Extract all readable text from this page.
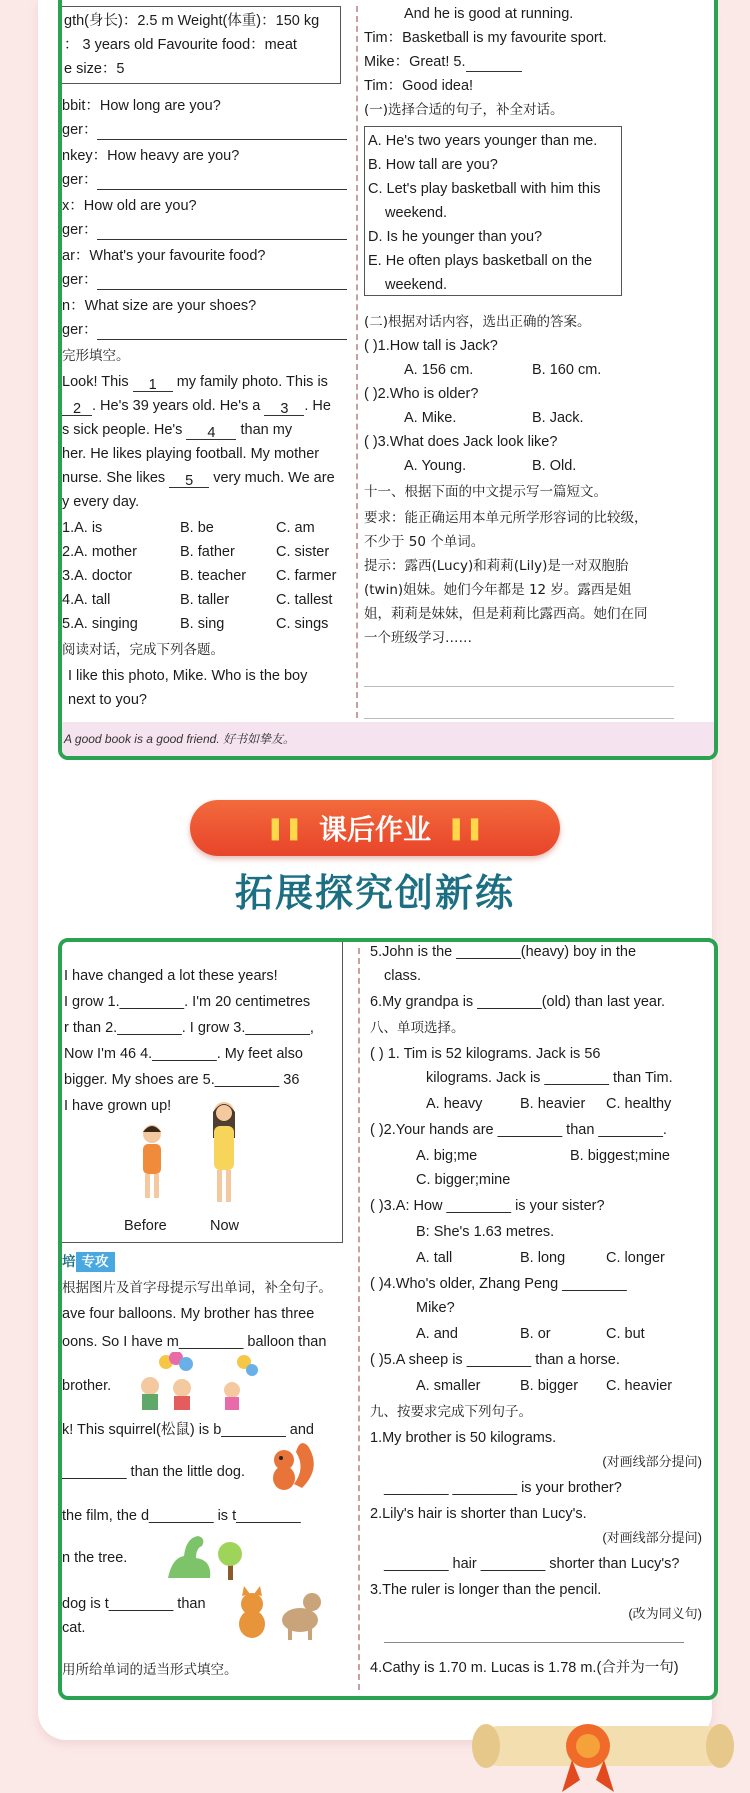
gth(身长)：2.5 m Weight(体重)：150 kg
： 3 years old Favourite food：meat
e size：5
bbit：How long are you?
ger：
nkey：How heavy are you?
ger：
x：How old are you?
ger：
ar：What's your favourite food?
ger：
n：What size are your shoes?
ger：
完形填空。
Look! This 1 my family photo. This is
2 . He's 39 years old. He's a 3 . He
s sick people. He's 4 than my
her. He likes playing football. My mother
nurse. She likes 5 very much. We are
y every day.
1.A. is	B. be	C. am
2.A. mother	B. father	C. sister
3.A. doctor	B. teacher C. farmer
4.A. tall	B. taller	C. tallest
5.A. singing	B. sing	C. sings
阅读对话，完成下列各题。
I like this photo, Mike. Who is the boy
next to you?
And he is good at running.
Tim：Basketball is my favourite sport.
Mike：Great! 5.
Tim：Good idea!
(一)选择合适的句子，补全对话。
A. He's two years younger than me.
B. How tall are you?
C. Let's play basketball with him this
weekend.
D. Is he younger than you?
E. He often plays basketball on the
weekend.
(二)根据对话内容，选出正确的答案。
( )1.How tall is Jack?
A. 156 cm.	B. 160 cm.
( )2.Who is older?
A. Mike.	B. Jack.
( )3.What does Jack look like?
A. Young.	B. Old.
十一、根据下面的中文提示写一篇短文。
要求：能正确运用本单元所学形容词的比较级，
不少于 50 个单词。
提示：露西(Lucy)和莉莉(Lily)是一对双胞胎
(twin)姐妹。她们今年都是 12 岁。露西是姐
姐，莉莉是妹妹，但是莉莉比露西高。她们在同
一个班级学习……
A good book is a good friend. 好书如挚友。
❚❚ 课后作业 ❚❚
拓展探究创新练
I have changed a lot these years!
I grow 1.________. I'm 20 centimetres
r than 2.________. I grow 3.________,
Now I'm 46 4.________. My feet also
bigger. My shoes are 5.________ 36
I have grown up!
Before	Now
培 专攻
根据图片及首字母提示写出单词，补全句子。
ave four balloons. My brother has three
oons. So I have m________ balloon than
brother.
k! This squirrel(松鼠) is b________ and
________ than the little dog.
the film, the d________ is t________
n the tree.
dog is t________ than
cat.
用所给单词的适当形式填空。
5.John is the ________(heavy) boy in the
class.
6.My grandpa is ________(old) than last year.
八、单项选择。
( ) 1. Tim is 52 kilograms. Jack is 56
kilograms. Jack is ________ than Tim.
A. heavy	B. heavier C. healthy
( )2.Your hands are ________ than ________.
A. big;me	B. biggest;mine
C. bigger;mine
( )3.A: How ________ is your sister?
B: She's 1.63 metres.
A. tall	B. long	C. longer
( )4.Who's older, Zhang Peng ________
Mike?
A. and	B. or	C. but
( )5.A sheep is ________ than a horse.
A. smaller	B. bigger C. heavier
九、按要求完成下列句子。
1.My brother is 50 kilograms.
(对画线部分提问)
________ ________ is your brother?
2.Lily's hair is shorter than Lucy's.
(对画线部分提问)
________ hair ________ shorter than Lucy's?
3.The ruler is longer than the pencil.
(改为同义句)
4.Cathy is 1.70 m. Lucas is 1.78 m.(合并为一句)
